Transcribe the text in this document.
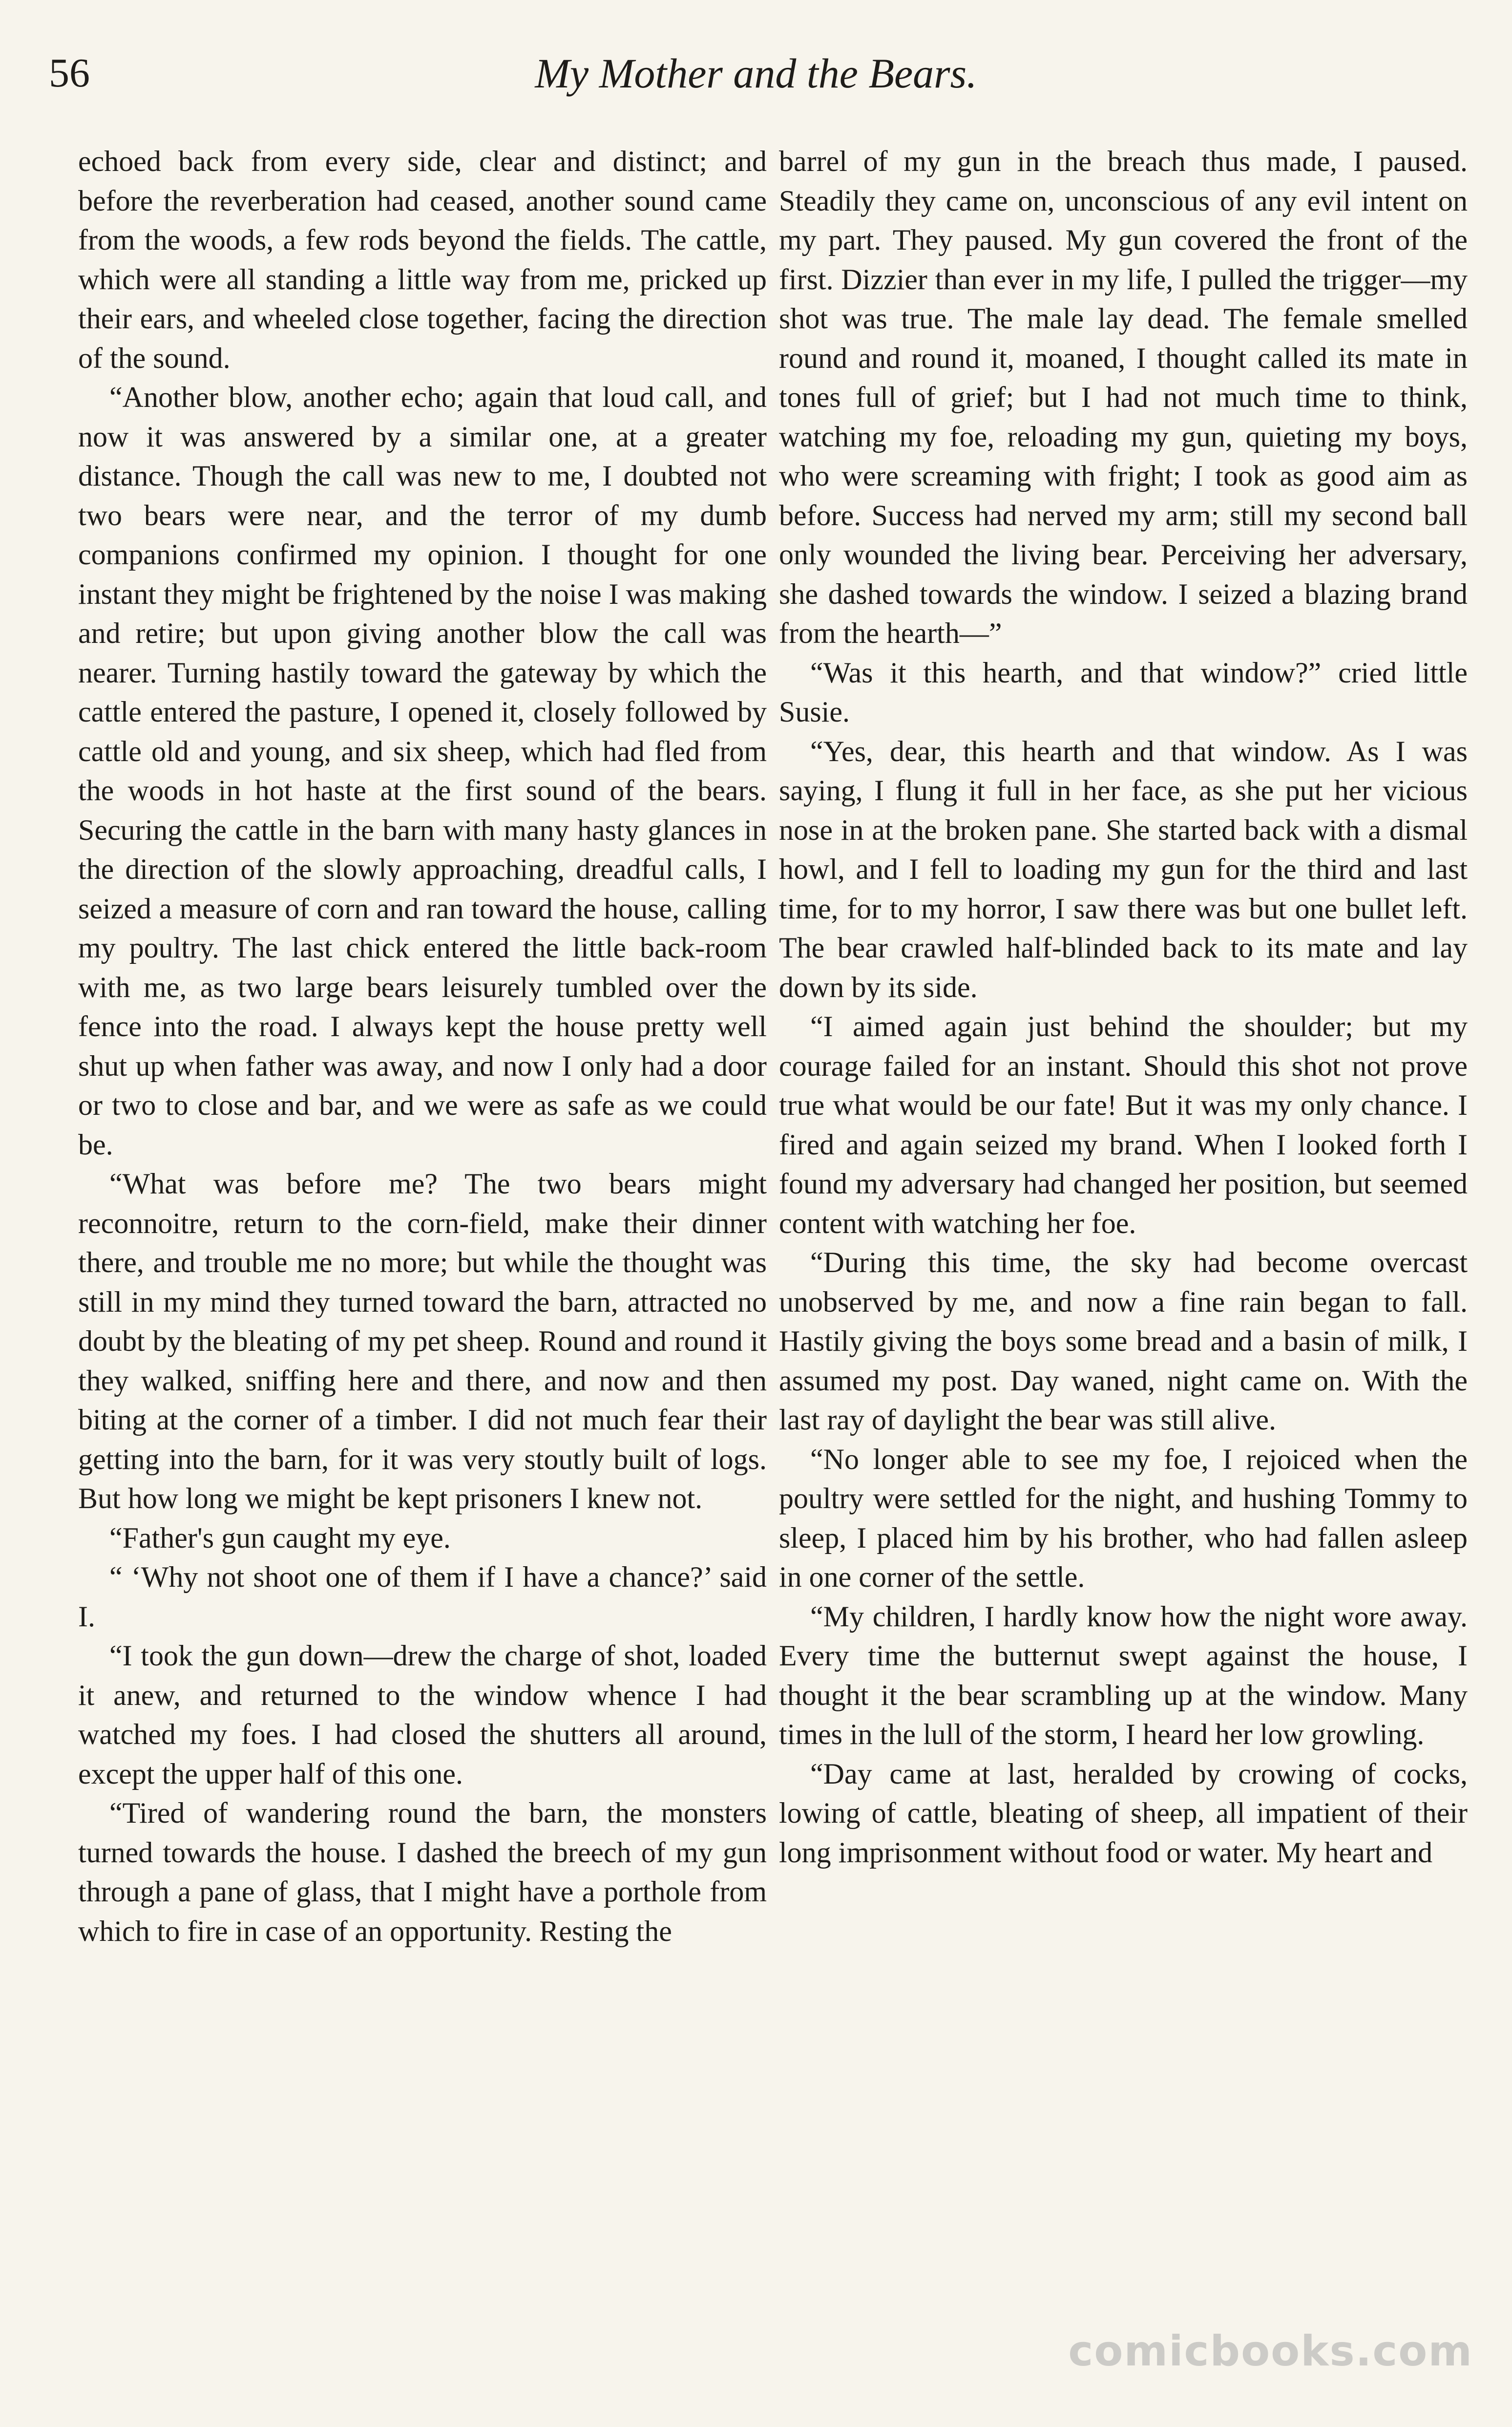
56	My Mother and the Bears.

echoed back from every side, clear and distinct; and before the reverberation had ceased, another sound came from the woods, a few rods beyond the fields. The cattle, which were all standing a little way from me, pricked up their ears, and wheeled close together, facing the direction of the sound.

“Another blow, another echo; again that loud call, and now it was answered by a similar one, at a greater distance. Though the call was new to me, I doubted not two bears were near, and the terror of my dumb companions confirmed my opinion. I thought for one instant they might be frightened by the noise I was making and retire; but upon giving another blow the call was nearer. Turning hastily toward the gateway by which the cattle entered the pasture, I opened it, closely followed by cattle old and young, and six sheep, which had fled from the woods in hot haste at the first sound of the bears. Securing the cattle in the barn with many hasty glances in the direction of the slowly approaching, dreadful calls, I seized a measure of corn and ran toward the house, calling my poultry. The last chick entered the little back-room with me, as two large bears leisurely tumbled over the fence into the road. I always kept the house pretty well shut up when father was away, and now I only had a door or two to close and bar, and we were as safe as we could be.

“What was before me? The two bears might reconnoitre, return to the corn-field, make their dinner there, and trouble me no more; but while the thought was still in my mind they turned toward the barn, attracted no doubt by the bleating of my pet sheep. Round and round it they walked, sniffing here and there, and now and then biting at the corner of a timber. I did not much fear their getting into the barn, for it was very stoutly built of logs. But how long we might be kept prisoners I knew not.

“Father's gun caught my eye.

“ ‘Why not shoot one of them if I have a chance?’ said I.

“I took the gun down—drew the charge of shot, loaded it anew, and returned to the window whence I had watched my foes. I had closed the shutters all around, except the upper half of this one.

“Tired of wandering round the barn, the monsters turned towards the house. I dashed the breech of my gun through a pane of glass, that I might have a porthole from which to fire in case of an opportunity. Resting the

barrel of my gun in the breach thus made, I paused. Steadily they came on, unconscious of any evil intent on my part. They paused. My gun covered the front of the first. Dizzier than ever in my life, I pulled the trigger—my shot was true. The male lay dead. The female smelled round and round it, moaned, I thought called its mate in tones full of grief; but I had not much time to think, watching my foe, reloading my gun, quieting my boys, who were screaming with fright; I took as good aim as before. Success had nerved my arm; still my second ball only wounded the living bear. Perceiving her adversary, she dashed towards the window. I seized a blazing brand from the hearth—”

“Was it this hearth, and that window?” cried little Susie.

“Yes, dear, this hearth and that window. As I was saying, I flung it full in her face, as she put her vicious nose in at the broken pane. She started back with a dismal howl, and I fell to loading my gun for the third and last time, for to my horror, I saw there was but one bullet left. The bear crawled half-blinded back to its mate and lay down by its side.

“I aimed again just behind the shoulder; but my courage failed for an instant. Should this shot not prove true what would be our fate! But it was my only chance. I fired and again seized my brand. When I looked forth I found my adversary had changed her position, but seemed content with watching her foe.

“During this time, the sky had become overcast unobserved by me, and now a fine rain began to fall. Hastily giving the boys some bread and a basin of milk, I assumed my post. Day waned, night came on. With the last ray of daylight the bear was still alive.

“No longer able to see my foe, I rejoiced when the poultry were settled for the night, and hushing Tommy to sleep, I placed him by his brother, who had fallen asleep in one corner of the settle.

“My children, I hardly know how the night wore away. Every time the butternut swept against the house, I thought it the bear scrambling up at the window. Many times in the lull of the storm, I heard her low growling.

“Day came at last, heralded by crowing of cocks, lowing of cattle, bleating of sheep, all impatient of their long imprisonment without food or water. My heart and

comicbooks.com
